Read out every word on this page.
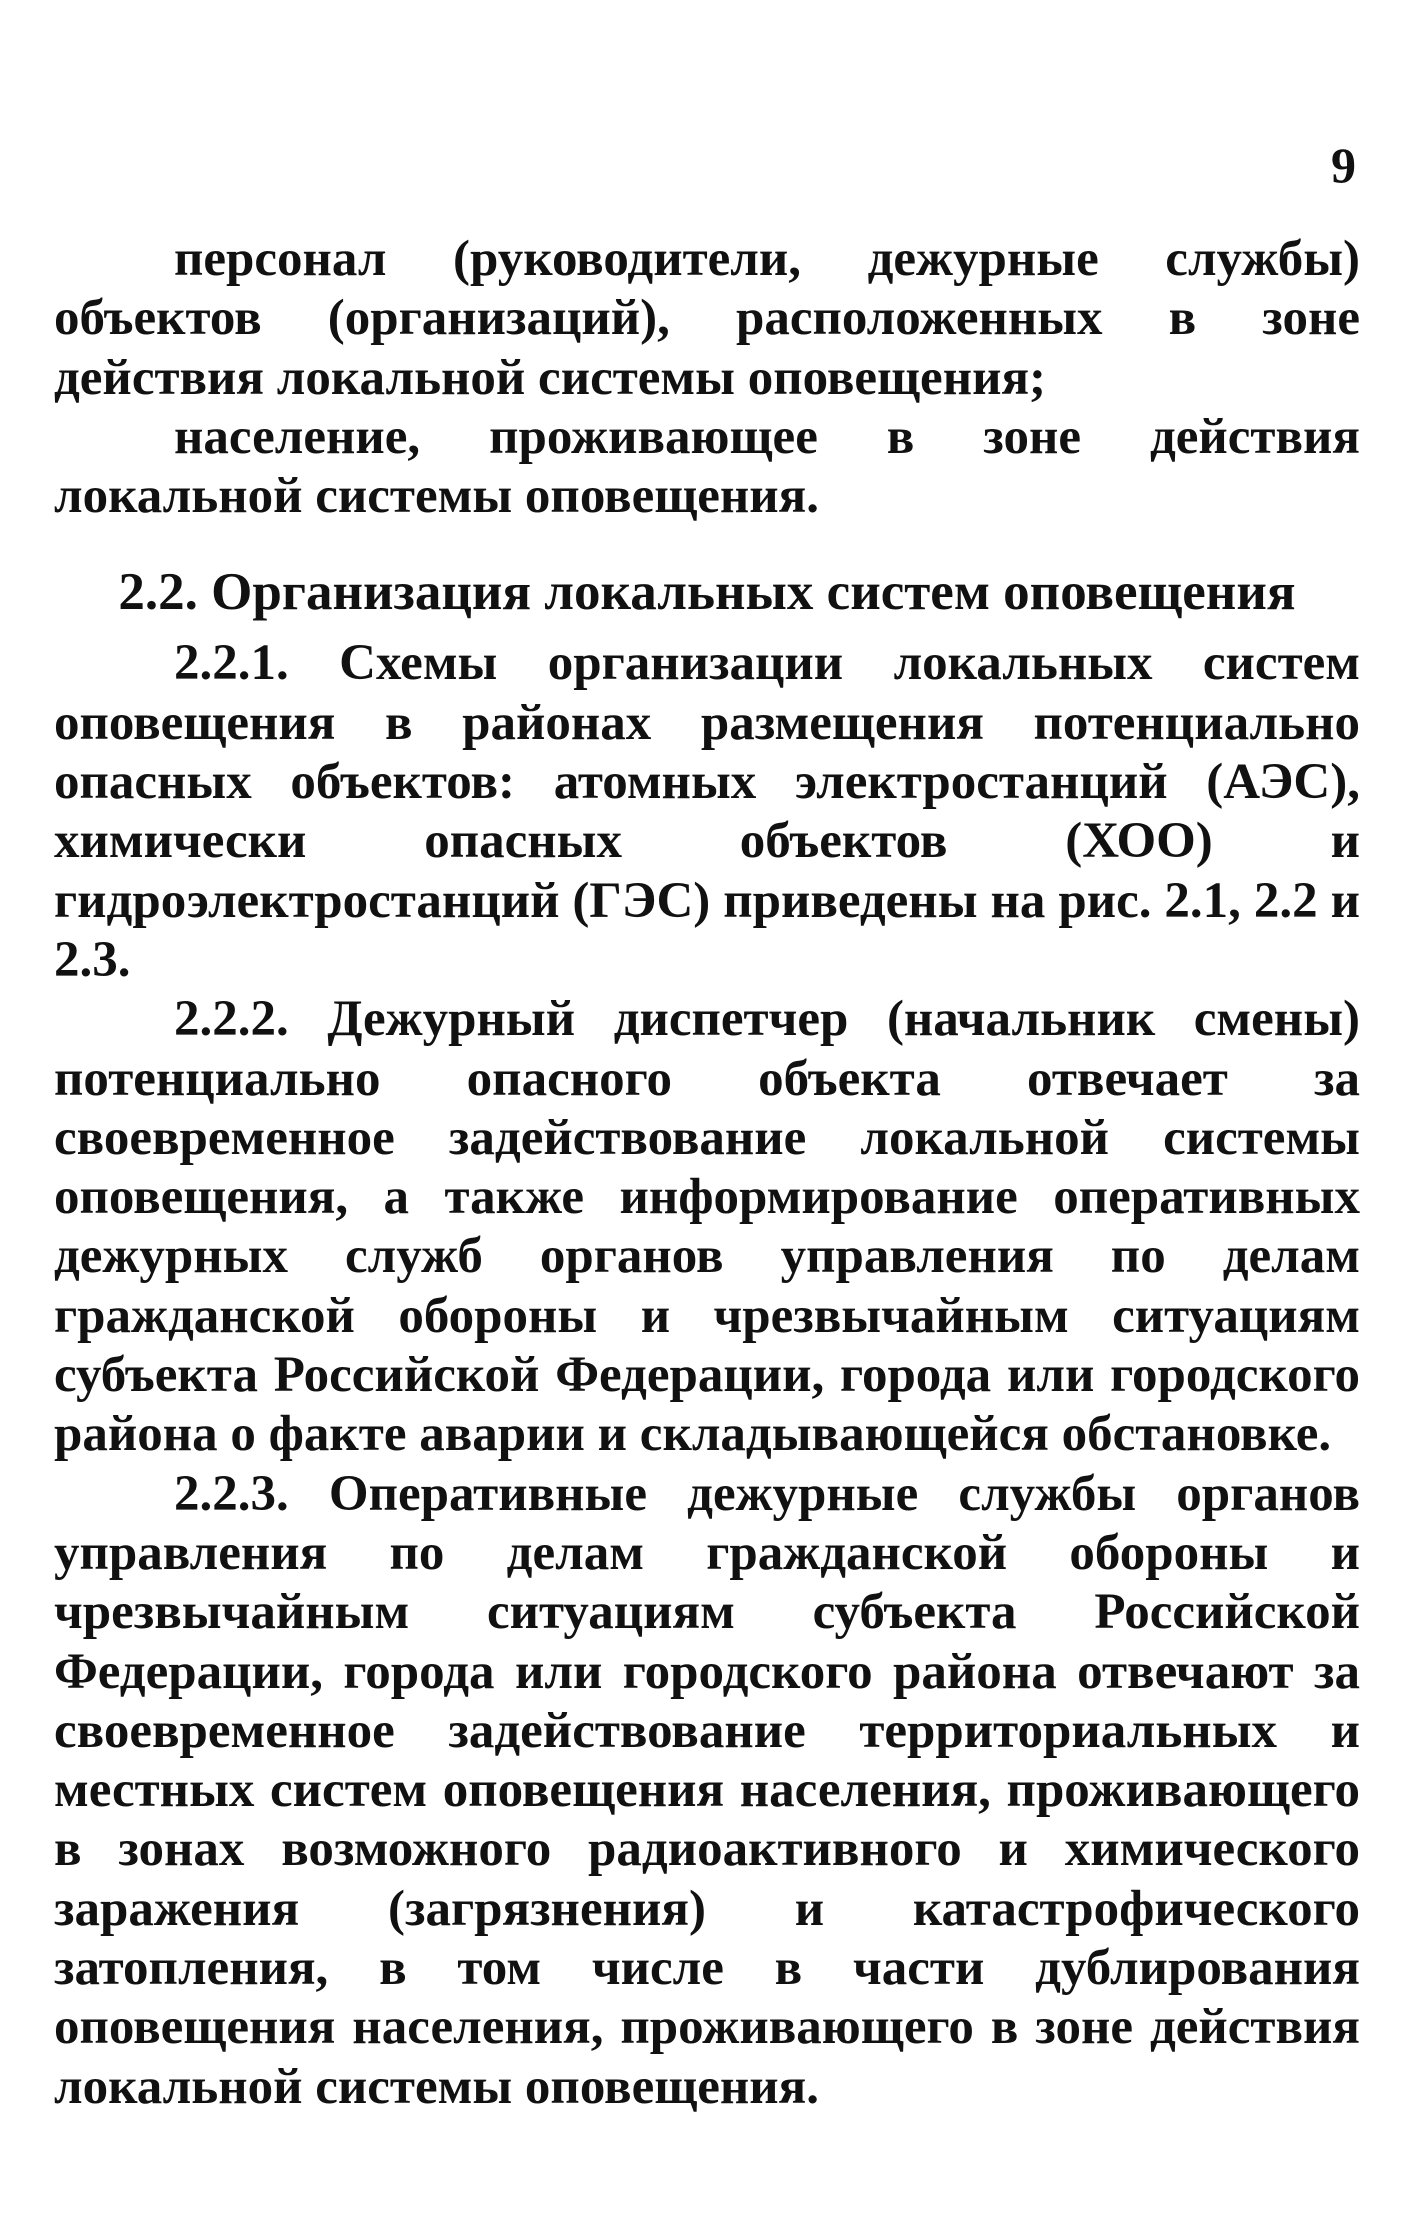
9

персонал (руководители, дежурные службы) объектов (организаций), расположенных в зоне действия локальной системы оповещения;

население, проживающее в зоне действия локальной системы оповещения.

2.2. Организация локальных систем оповещения

2.2.1. Схемы организации локальных систем оповещения в районах размещения потенциально опасных объектов: атомных электростанций (АЭС), химически опасных объектов (ХОО) и гидроэлектростанций (ГЭС) приведены на рис. 2.1, 2.2 и 2.3.

2.2.2. Дежурный диспетчер (начальник смены) потенциально опасного объекта отвечает за своевременное задействование локальной системы оповещения, а также информирование оперативных дежурных служб органов управления по делам гражданской обороны и чрезвычайным ситуациям субъекта Российской Федерации, города или городского района о факте аварии и складывающейся обстановке.

2.2.3. Оперативные дежурные службы органов управления по делам гражданской обороны и чрезвычайным ситуациям субъекта Российской Федерации, города или городского района отвечают за своевременное задействование территориальных и местных систем оповещения населения, проживающего в зонах возможного радиоактивного и химического заражения (загрязнения) и катастрофического затопления, в том числе в части дублирования оповещения населения, проживающего в зоне действия локальной системы оповещения.
